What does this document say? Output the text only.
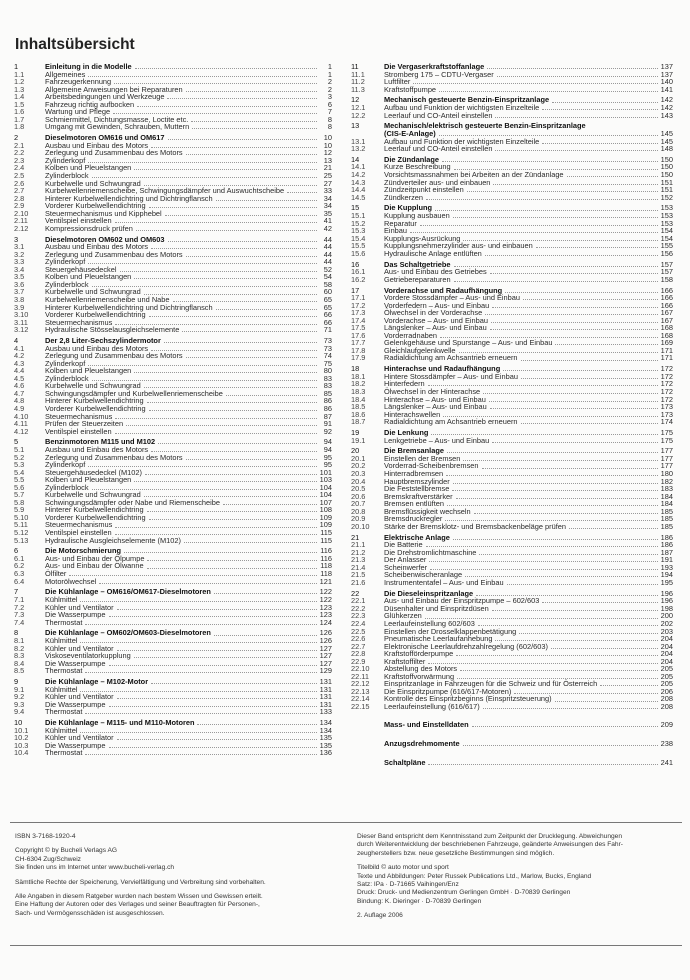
Inhaltsübersicht
1	Einleitung in die Modelle	1
1.1	Allgemeines	1
1.2	Fahrzeugerkennung	2
1.3	Allgemeine Anweisungen bei Reparaturen	2
1.4	Arbeitsbedingungen und Werkzeuge	3
1.5	Fahrzeug richtig aufbocken	6
1.6	Wartung und Pflege	7
1.7	Schmiermittel, Dichtungsmasse, Loctite etc.	8
1.8	Umgang mit Gewinden, Schrauben, Muttern	8
2	Dieselmotoren OM616 und OM617	10
2.1	Ausbau und Einbau des Motors	10
2.2	Zerlegung und Zusammenbau des Motors	12
2.3	Zylinderkopf	13
2.4	Kolben und Pleuelstangen	21
2.5	Zylinderblock	25
2.6	Kurbelwelle und Schwungrad	27
2.7	Kurbelwellenriemenscheibe, Schwingungsdämpfer und Auswuchtscheibe	33
2.8	Hinterer Kurbelwellendichtring und Dichtringflansch	34
2.9	Vorderer Kurbelwellendichtring	34
2.10	Steuermechanismus und Kipphebel	35
2.11	Ventilspiel einstellen	41
2.12	Kompressionsdruck prüfen	42
3	Dieselmotoren OM602 und OM603	44
3.1	Ausbau und Einbau des Motors	44
3.2	Zerlegung und Zusammenbau des Motors	44
3.3	Zylinderkopf	44
3.4	Steuergehäusedeckel	52
3.5	Kolben und Pleuelstangen	54
3.6	Zylinderblock	58
3.7	Kurbelwelle und Schwungrad	60
3.8	Kurbelwellenriemenscheibe und Nabe	65
3.9	Hinterer Kurbelwellendichtring und Dichtringflansch	65
3.10	Vorderer Kurbelwellendichtring	66
3.11	Steuermechanismus	66
3.12	Hydraulische Stösselausgleichselemente	71
4	Der 2,8 Liter-Sechszylindermotor	73
4.1	Ausbau und Einbau des Motors	73
4.2	Zerlegung und Zusammenbau des Motors	74
4.3	Zylinderkopf	75
4.4	Kolben und Pleuelstangen	80
4.5	Zylinderblock	83
4.6	Kurbelwelle und Schwungrad	83
4.7	Schwingungsdämpfer und Kurbelwellenriemenscheibe	85
4.8	Hinterer Kurbelwellendichtring	86
4.9	Vorderer Kurbelwellendichtring	86
4.10	Steuermechanismus	87
4.11	Prüfen der Steuerzeiten	91
4.12	Ventilspiel einstellen	92
5	Benzinmotoren M115 und M102	94
5.1	Ausbau und Einbau des Motors	94
5.2	Zerlegung und Zusammenbau des Motors	95
5.3	Zylinderkopf	95
5.4	Steuergehäusedeckel (M102)	101
5.5	Kolben und Pleuelstangen	103
5.6	Zylinderblock	104
5.7	Kurbelwelle und Schwungrad	104
5.8	Schwingungsdämpfer oder Nabe und Riemenscheibe	107
5.9	Hinterer Kurbelwellendichtring	108
5.10	Vorderer Kurbelwellendichtring	109
5.11	Steuermechanismus	109
5.12	Ventilspiel einstellen	115
5.13	Hydraulische Ausgleichselemente (M102)	115
6	Die Motorschmierung	116
6.1	Aus- und Einbau der Ölpumpe	116
6.2	Aus- und Einbau der Ölwanne	118
6.3	Ölfilter	118
6.4	Motorölwechsel	121
7	Die Kühlanlage – OM616/OM617-Dieselmotoren	122
7.1	Kühlmittel	122
7.2	Kühler und Ventilator	123
7.3	Die Wasserpumpe	123
7.4	Thermostat	124
8	Die Kühlanlage – OM602/OM603-Dieselmotoren	126
8.1	Kühlmittel	126
8.2	Kühler und Ventilator	127
8.3	Viskoseventilatorkupplung	127
8.4	Die Wasserpumpe	127
8.5	Thermostat	129
9	Die Kühlanlage – M102-Motor	131
9.1	Kühlmittel	131
9.2	Kühler und Ventilator	131
9.3	Die Wasserpumpe	131
9.4	Thermostat	133
10	Die Kühlanlage – M115- und M110-Motoren	134
10.1	Kühlmittel	134
10.2	Kühler und Ventilator	135
10.3	Die Wasserpumpe	135
10.4	Thermostat	136
11	Die Vergaserkraftstoffanlage	137
11.1	Stromberg 175 – CDTU-Vergaser	137
11.2	Luftfilter	140
11.3	Kraftstoffpumpe	141
12	Mechanisch gesteuerte Benzin-Einspritzanlage	142
12.1	Aufbau und Funktion der wichtigsten Einzelteile	142
12.2	Leerlauf und CO-Anteil einstellen	143
13	Mechanisch/elektrisch gesteuerte Benzin-Einspritzanlage
(CIS-E-Anlage)	145
13.1	Aufbau und Funktion der wichtigsten Einzelteile	145
13.2	Leerlauf und CO-Anteil einstellen	148
14	Die Zündanlage	150
14.1	Kurze Beschreibung	150
14.2	Vorsichtsmassnahmen bei Arbeiten an der Zündanlage	150
14.3	Zündverteiler aus- und einbauen	151
14.4	Zündzeitpunkt einstellen	151
14.5	Zündkerzen	152
15	Die Kupplung	153
15.1	Kupplung ausbauen	153
15.2	Reparatur	153
15.3	Einbau	154
15.4	Kupplungs-Ausrückung	154
15.5	Kupplungsnehmerzylinder aus- und einbauen	155
15.6	Hydraulische Anlage entlüften	156
16	Das Schaltgetriebe	157
16.1	Aus- und Einbau des Getriebes	157
16.2	Getriebereparaturen	158
17	Vorderachse und Radaufhängung	166
17.1	Vordere Stossdämpfer – Aus- und Einbau	166
17.2	Vorderfedern – Aus- und Einbau	166
17.3	Ölwechsel in der Vorderachse	167
17.4	Vorderachse – Aus- und Einbau	167
17.5	Längslenker – Aus- und Einbau	168
17.6	Vorderradnaben	168
17.7	Gelenkgehäuse und Spurstange – Aus- und Einbau	169
17.8	Gleichlaufgelenkwelle	171
17.9	Radialdichtung am Achsantrieb erneuern	171
18	Hinterachse und Radaufhängung	172
18.1	Hintere Stossdämpfer – Aus- und Einbau	172
18.2	Hinterfedern	172
18.3	Ölwechsel in der Hinterachse	172
18.4	Hinterachse – Aus- und Einbau	172
18.5	Längslenker – Aus- und Einbau	173
18.6	Hinterachswellen	173
18.7	Radialdichtung am Achsantrieb erneuern	174
19	Die Lenkung	175
19.1	Lenkgetriebe – Aus- und Einbau	175
20	Die Bremsanlage	177
20.1	Einstellen der Bremsen	177
20.2	Vorderrad-Scheibenbremsen	177
20.3	Hinterradbremsen	180
20.4	Hauptbremszylinder	182
20.5	Die Feststellbremse	183
20.6	Bremskraftverstärker	184
20.7	Bremsen entlüften	184
20.8	Bremsflüssigkeit wechseln	185
20.9	Bremsdruckregler	185
20.10	Stärke der Bremsklotz- und Bremsbackenbeläge prüfen	185
21	Elektrische Anlage	186
21.1	Die Batterie	186
21.2	Die Drehstromlichtmaschine	187
21.3	Der Anlasser	191
21.4	Scheinwerfer	193
21.5	Scheibenwischeranlage	194
21.6	Instrumententafel – Aus- und Einbau	195
22	Die Dieseleinspritzanlage	196
22.1	Aus- und Einbau der Einspritzpumpe – 602/603	196
22.2	Düsenhalter und Einspritzdüsen	198
22.3	Glühkerzen	200
22.4	Leerlaufeinstellung 602/603	202
22.5	Einstellen der Drosselklappenbetätigung	203
22.6	Pneumatische Leerlaufanhebung	204
22.7	Elektronische Leerlaufdrehzahlregelung (602/603)	204
22.8	Kraftstofförderpumpe	204
22.9	Kraftstoffilter	204
22.10	Abstellung des Motors	205
22.11	Kraftstoffvorwärmung	205
22.12	Einspritzanlage in Fahrzeugen für die Schweiz und für Österreich	205
22.13	Die Einspritzpumpe (616/617-Motoren)	206
22.14	Kontrolle des Einspritzbeginns (Einspritzsteuerung)	208
22.15	Leerlaufeinstellung (616/617)	208
Mass- und Einstelldaten	209
Anzugsdrehmomente	238
Schaltpläne	241

ISBN 3-7168-1920-4

Copyright © by Bucheli Verlags AG
CH-6304 Zug/Schweiz
Sie finden uns im Internet unter www.bucheli-verlag.ch

Sämtliche Rechte der Speicherung, Vervielfältigung und Verbreitung sind vorbehalten.

Alle Angaben in diesem Ratgeber wurden nach bestem Wissen und Gewissen erteilt.
Eine Haftung der Autoren oder des Verlages und seiner Beauftragten für Personen-,
Sach- und Vermögensschäden ist ausgeschlossen.

Dieser Band entspricht dem Kenntnisstand zum Zeitpunkt der Drucklegung. Abweichungen
durch Weiterentwicklung der beschriebenen Fahrzeuge, geänderte Anweisungen des Fahr-
zeugherstellers bzw. neue gesetzliche Bestimmungen sind möglich.

Titelbild © auto motor und sport
Texte und Abbildungen: Peter Russek Publications Ltd., Marlow, Bucks, England
Satz: IPa · D-71665 Vaihingen/Enz
Druck: Druck- und Medienzentrum Gerlingen GmbH · D-70839 Gerlingen
Bindung: K. Dieringer · D-70839 Gerlingen

2. Auflage 2006
